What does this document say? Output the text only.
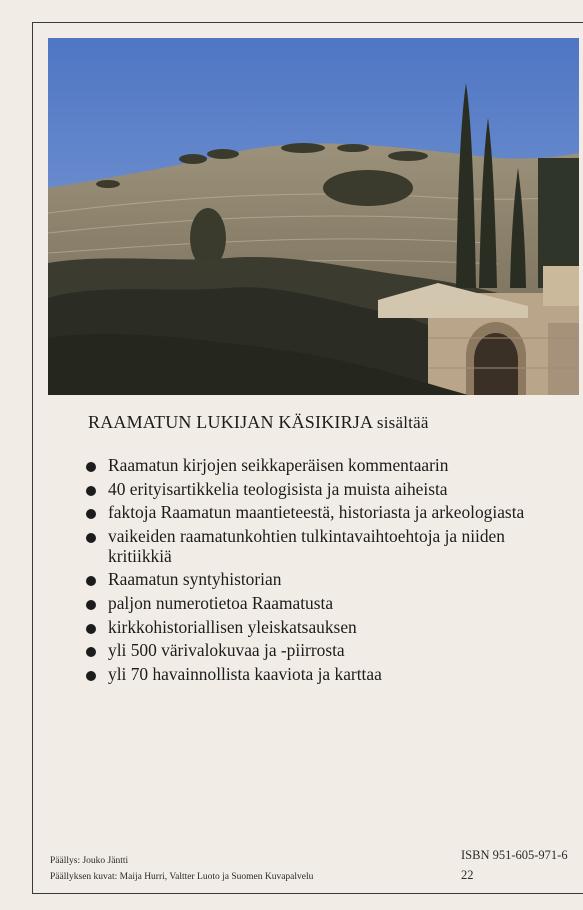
RAAMATUN LUKIJAN KÄSIKIRJA sisältää
Raamatun kirjojen seikkaperäisen kommentaarin
40 erityisartikkelia teologisista ja muista aiheista
faktoja Raamatun maantieteestä, historiasta ja arkeologiasta
vaikeiden raamatunkohtien tulkintavaihtoehtoja ja niiden kritiikkiä
Raamatun syntyhistorian
paljon numerotietoa Raamatusta
kirkkohistoriallisen yleiskatsauksen
yli 500 värivalokuvaa ja -piirrosta
yli 70 havainnollista kaaviota ja karttaa
Päällys: Jouko Jäntti
Päällyksen kuvat: Maija Hurri, Valtter Luoto ja Suomen Kuvapalvelu
ISBN 951-605-971-6
22
